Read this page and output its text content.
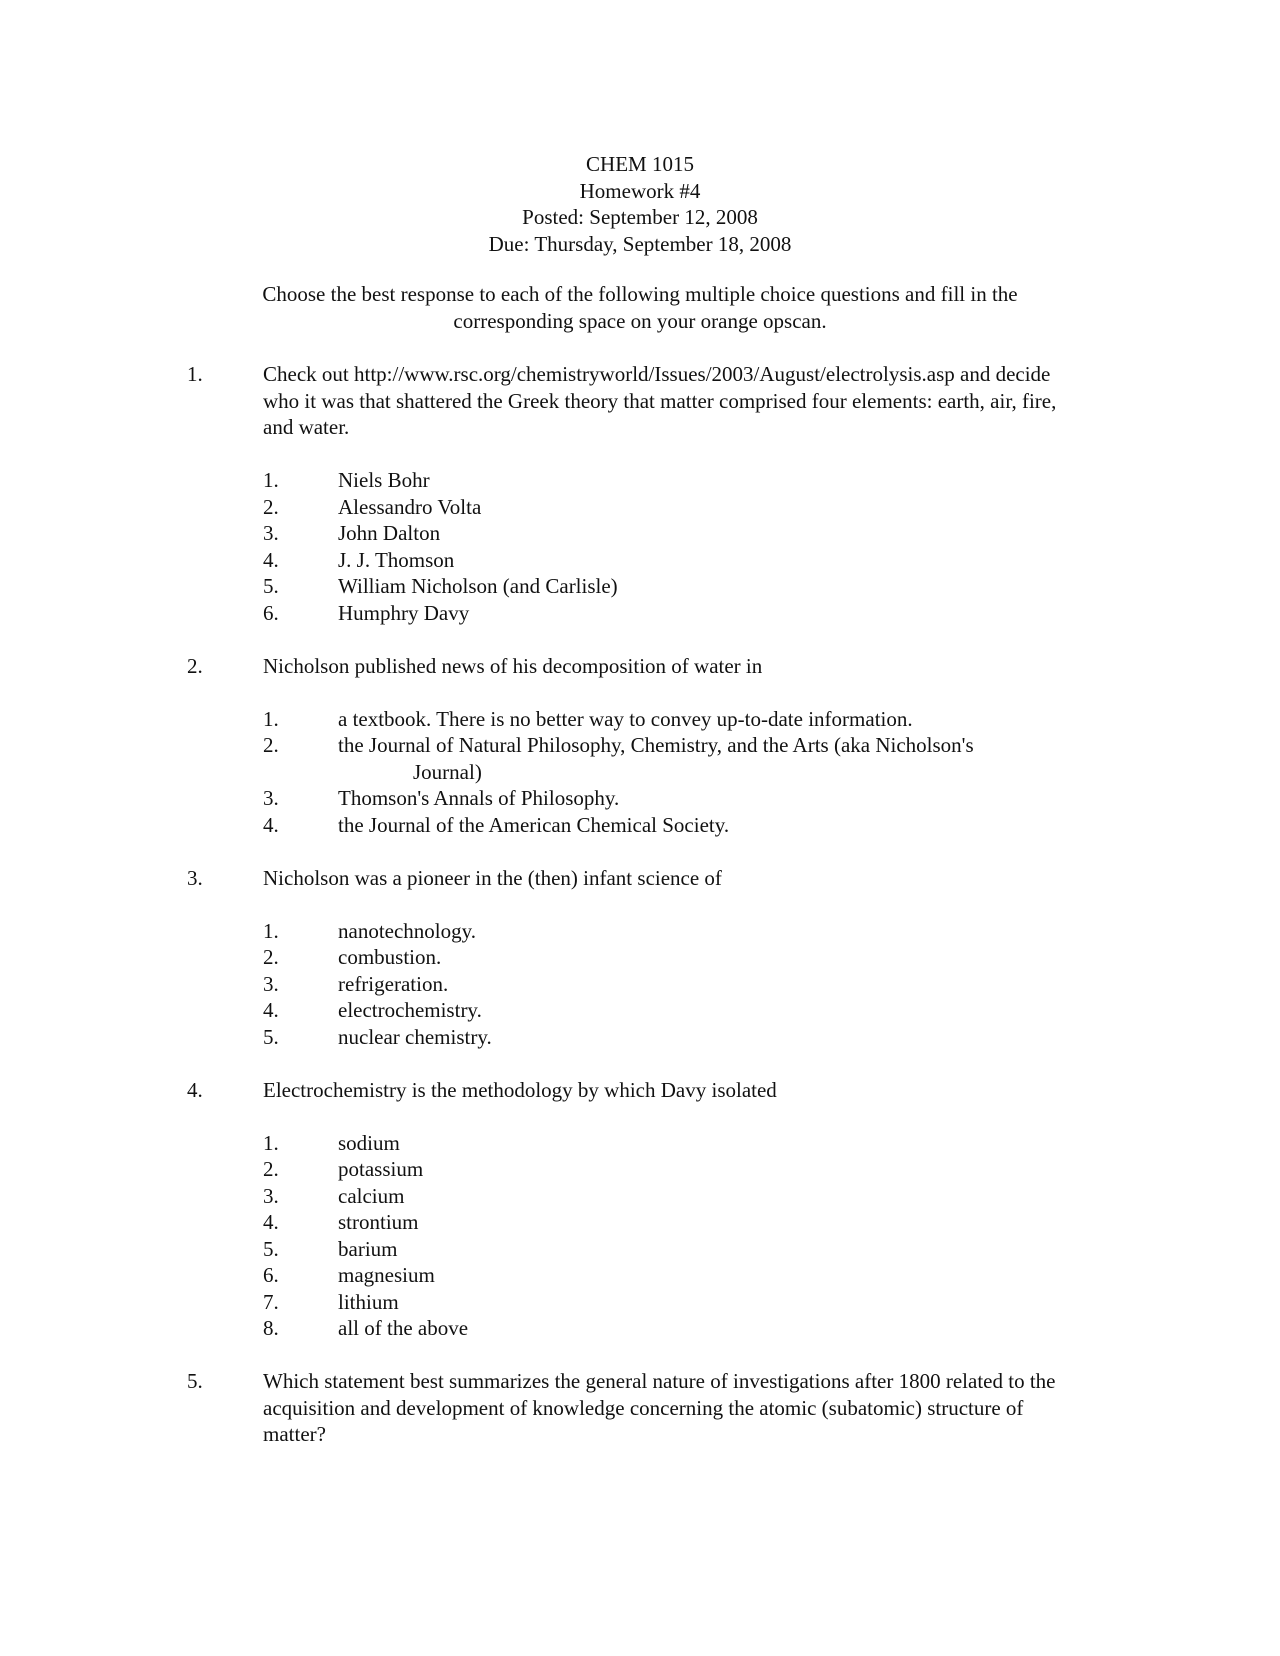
CHEM 1015
Homework #4
Posted: September 12, 2008
Due: Thursday, September 18, 2008
Choose the best response to each of the following multiple choice questions and fill in the corresponding space on your orange opscan.
1.	Check out http://www.rsc.org/chemistryworld/Issues/2003/August/electrolysis.asp and decide who it was that shattered the Greek theory that matter comprised four elements: earth, air, fire, and water.
1.	Niels Bohr
2.	Alessandro Volta
3.	John Dalton
4.	J. J. Thomson
5.	William Nicholson (and Carlisle)
6.	Humphry Davy
2.	Nicholson published news of his decomposition of water in
1.	a textbook. There is no better way to convey up-to-date information.
2.	the Journal of Natural Philosophy, Chemistry, and the Arts (aka Nicholson's
Journal)
3.	Thomson's Annals of Philosophy.
4.	the Journal of the American Chemical Society.
3.	Nicholson was a pioneer in the (then) infant science of
1.	nanotechnology.
2.	combustion.
3.	refrigeration.
4.	electrochemistry.
5.	nuclear chemistry.
4.	Electrochemistry is the methodology by which Davy isolated
1.	sodium
2.	potassium
3.	calcium
4.	strontium
5.	barium
6.	magnesium
7.	lithium
8.	all of the above
5.	Which statement best summarizes the general nature of investigations after 1800 related to the acquisition and development of knowledge concerning the atomic (subatomic) structure of matter?
